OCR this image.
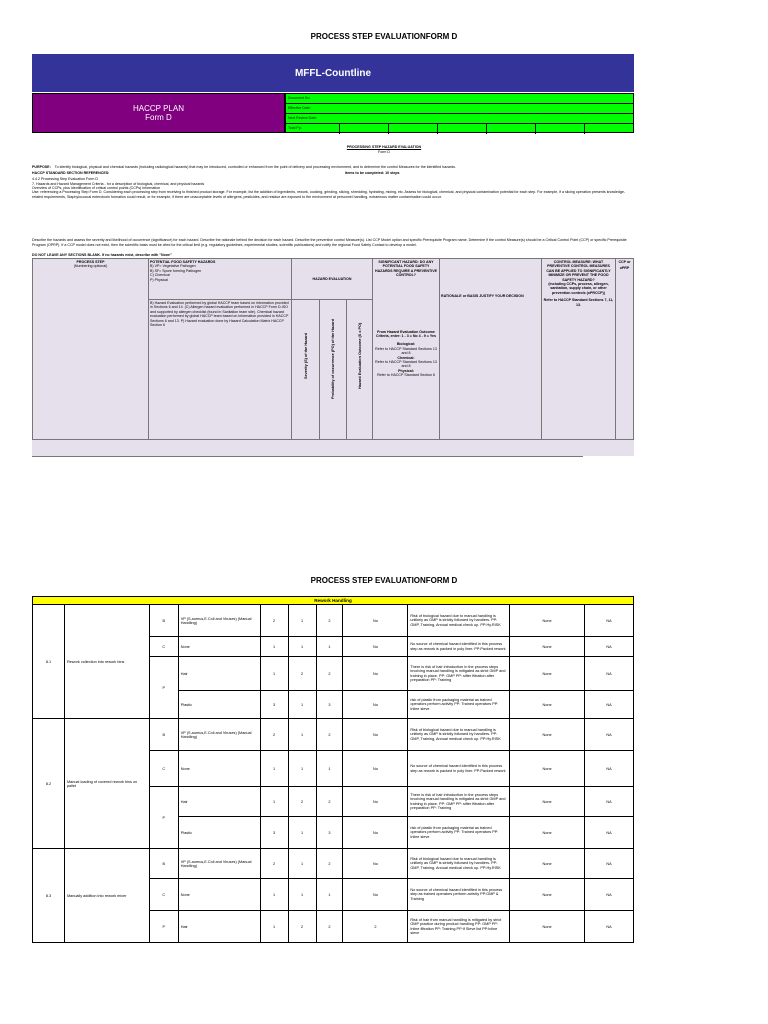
PROCESS STEP EVALUATIONFORM D
MFFL-Countline
HACCP PLAN
Form D
Document No:
Effective Date:
Next Review Date:
Total Pp:
PROCESSING STEP HAZARD EVALUATION
Form D
PURPOSE: To identify biological, physical and chemical hazards (including radiological hazards) that may be introduced, controlled or enhanced from the point of delivery and processing environment, and to determine the control Measures for the identified hazards.
HACCP STANDARD SECTION REFERENCES:	Items to be completed: 10 steps
4.4.2 Processing Step Evaluation Form D
7. Hazards and Hazard Management Criteria - for a description of biological, chemical, and physical hazards
Overview of CCPs, plus identification of critical control points (CCPs) Information
Use: referencing a Processing Step Form D. Considering each processing step from receiving to finished product storage. For example, list the addition of ingredients, rework, cooking, grinding, slicing, shredding, hydrating, mixing, etc. Assess for biological, chemical, and physical contamination potential for each step. For example, if a slicing operation presents knowledge-related requirements, Staphylococcal enterotoxin formation could result, or for example, if there are unacceptable levels of allergens, pesticides, and residue are exposed to the environment at personnel handling, extraneous matter contamination could occur.
Describe the hazards and assess the severity and likelihood of occurrence (significance) for each hazard. Describe the rationale behind the decision for each hazard. Describe the preventive control Measure(s). List CCP Model option and specific Prerequisite Program name. Determine if the control Measure(s) should be a Critical Control Point (CCP) or specific Prerequisite Program (OPRP). If a CCP model does not exist, then the scientific basis must be cited for the critical limit (e.g. regulatory guidelines, experimental studies, scientific publications) and notify the regional Food Safety Contact to develop a model.
DO NOT LEAVE ANY SECTIONS BLANK. If no hazards exist, describe with "None"
PROCESS STEP
(Numbering optional)
POTENTIAL FOOD SAFETY HAZARDS
B) VP= Vegetative Pathogen
B) SF= Spore forming Pathogen
C) Chemical
P) Physical
B) Hazard Evaluation performed by global HACCP team based on information provided in Sections 6 and 14. (C) Allergen hazard evaluation performed in HACCP Form D-ISO and supported by allergen checklist (found in Sanitation team site). Chemical hazard evaluation performed by global HACCP team based on information provided in HACCP Sections 6 and 13. P) Hazard evaluation done by Hazard Calculation Matrix HACCP Section 6
HAZARD EVALUATION
Severity (S) of the Hazard	Probability of occurrence (PO) of the Hazard	Hazard Evaluation Outcome (S x PO)
SIGNIFICANT HAZARD: DO ANY POTENTIAL FOOD SAFETY HAZARDS REQUIRE A PREVENTIVE CONTROL?
From Hazard Evaluation Outcome Criteria, enter: 1 - 3 = No 4 - 9 = Yes
Biological:
Refer to HACCP Standard Sections 13 and 8
Chemical:
Refer to HACCP Standard Sections 13 and 8
Physical:
Refer to HACCP Standard Section 6
RATIONALE or BASIS JUSTIFY YOUR DECISION
CONTROL MEASURE: WHAT PREVENTIVE CONTROL MEASURES CAN BE APPLIED TO SIGNIFICANTLY MINIMIZE OR PREVENT THE FOOD SAFETY HAZARD?
(including CCPs, process, allergen, sanitation, supply chain, or other prevention controls (oPRCCP))
Refer to HACCP Standard Sections 7, 11, 13.
CCP or
oPRP
PROCESS STEP EVALUATIONFORM D
Rework Handling										
8.1	Rework collection into rework bins	B	VP (S.aureus,E.Coli and Viruses) (Manual Handling)	2	1	2	No	Risk of biological hazard due to manual handling is unlikely as GMP is strictly followed by handlers. PP: GMP, Training, Annual medical check up. PP:Hy.RISK	None	NA
		C	None	1	1	1	No	No source of chemical hazard identified in this process step as rework is packed in poly liner. PP:Packed rework	None	NA
		P	Hair	1	2	2	No	There is risk of hair introduction in the process steps involving manual handling is mitigated as strict GMP and training in place. PP: GMP PP: sifter filtration after preparation PP: Training	None	NA
			Plastic	3	1	3	No	risk of plastic from packaging material as trained operators perform activity PP: Trained operators PP: Inline sieve	None	NA
8.2	Manual loading of covered rework bins on pallet	B	VP (S.aureus,E.Coli and Viruses) (Manual Handling)	2	1	2	No	Risk of biological hazard due to manual handling is unlikely as GMP is strictly followed by handlers. PP: GMP, Training, Annual medical check up. PP:Hy.RISK	None	NA
		C	None	1	1	1	No	No source of chemical hazard identified in this process step as rework is packed in poly liner. PP:Packed rework	None	NA
		P	Hair	1	2	2	No	There is risk of hair introduction in the process steps involving manual handling is mitigated as strict GMP and training in place. PP: GMP PP: sifter filtration after preparation PP: Training	None	NA
			Plastic	3	1	3	No	risk of plastic from packaging material as trained operators perform activity PP: Trained operators PP: Inline sieve	None	NA
8.3	Manually addition into rework mixer	B	VP (S.aureus,E.Coli and Viruses) (Manual Handling)	2	1	2	No	Risk of biological hazard due to manual handling is unlikely as GMP is strictly followed by handlers. PP: GMP, Training, Annual medical check up. PP:Hy.RISK	None	NA
		C	None	1	1	1	No	No source of chemical hazard identified in this process step as trained operators perform activity PP:GMP & Training	None	NA
		P	Hair	1	2	2	2	Risk of hair from manual handling is mitigated by strict GMP practice during product handling PP: GMP PP: Inline filtration PP: Training PP:If Sieve list PP:Inline sieve	None	NA
